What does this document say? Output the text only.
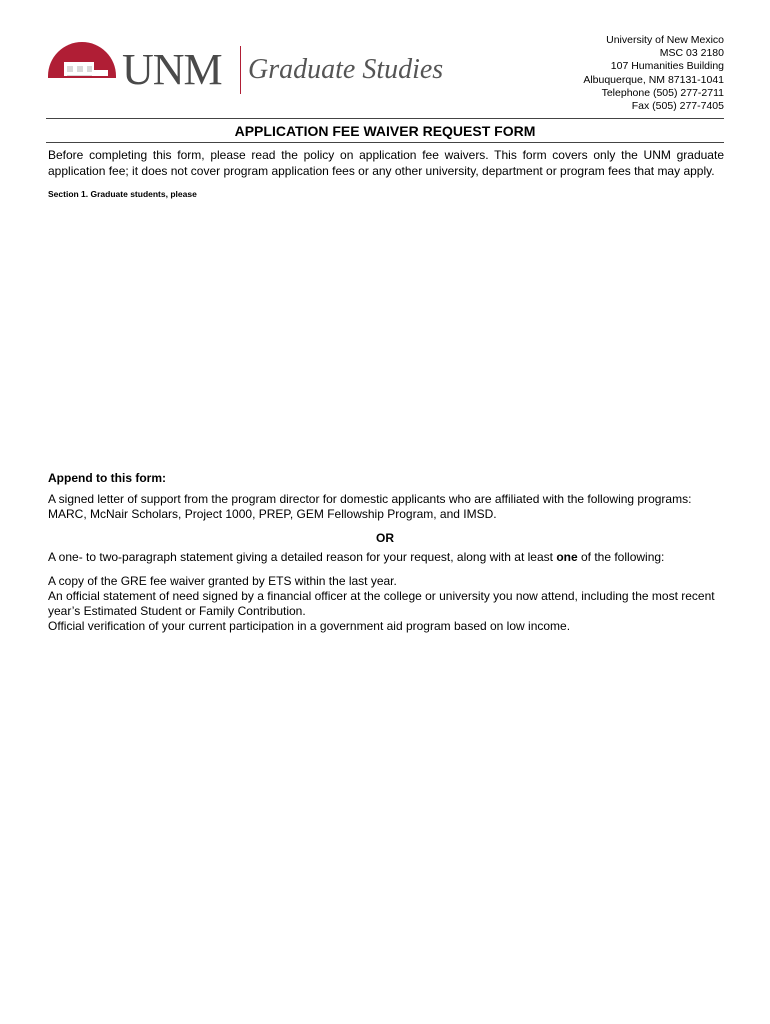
UNM Graduate Studies
University of New Mexico
MSC 03 2180
107 Humanities Building
Albuquerque, NM 87131-1041
Telephone (505) 277-2711
Fax (505) 277-7405
APPLICATION FEE WAIVER REQUEST FORM
Before completing this form, please read the policy on application fee waivers. This form covers only the UNM graduate application fee; it does not cover program application fees or any other university, department or program fees that may apply.
Section 1. Graduate students, please
Append to this form:
A signed letter of support from the program director for domestic applicants who are affiliated with the following programs: MARC, McNair Scholars, Project 1000, PREP, GEM Fellowship Program, and IMSD.
OR
A one- to two-paragraph statement giving a detailed reason for your request, along with at least one of the following:
A copy of the GRE fee waiver granted by ETS within the last year.
An official statement of need signed by a financial officer at the college or university you now attend, including the most recent year’s Estimated Student or Family Contribution.
Official verification of your current participation in a government aid program based on low income.
